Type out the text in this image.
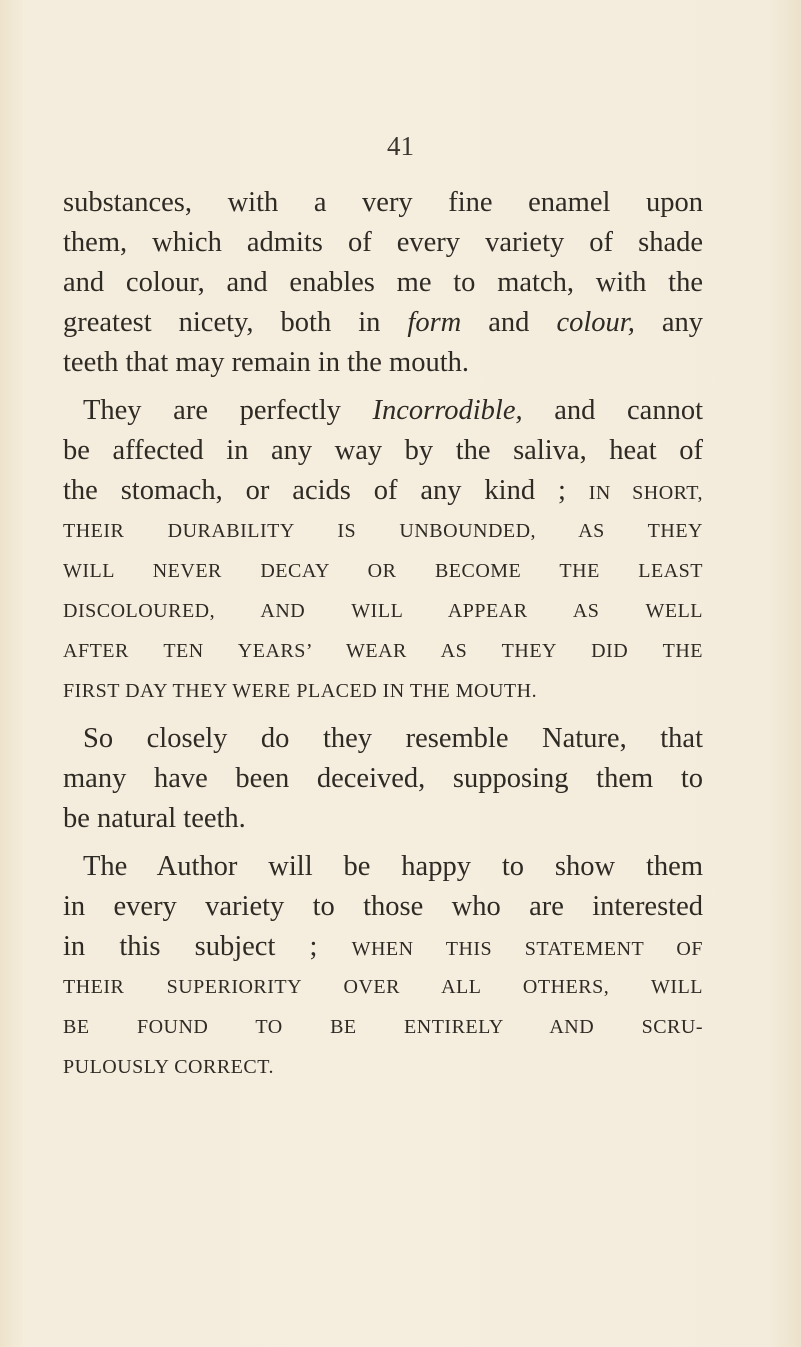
41
substances, with a very fine enamel upon
them, which admits of every variety of shade
and colour, and enables me to match, with the
greatest nicety, both in form and colour, any
teeth that may remain in the mouth.
They are perfectly Incorrodible, and cannot
be affected in any way by the saliva, heat of
the stomach, or acids of any kind ; IN SHORT,
THEIR DURABILITY IS UNBOUNDED, AS THEY
WILL NEVER DECAY OR BECOME THE LEAST
DISCOLOURED, AND WILL APPEAR AS WELL
AFTER TEN YEARS’ WEAR AS THEY DID THE
FIRST DAY THEY WERE PLACED IN THE MOUTH.
So closely do they resemble Nature, that
many have been deceived, supposing them to
be natural teeth.
The Author will be happy to show them
in every variety to those who are interested
in this subject ; WHEN THIS STATEMENT OF
THEIR SUPERIORITY OVER ALL OTHERS, WILL
BE FOUND TO BE ENTIRELY AND SCRU-
PULOUSLY CORRECT.
